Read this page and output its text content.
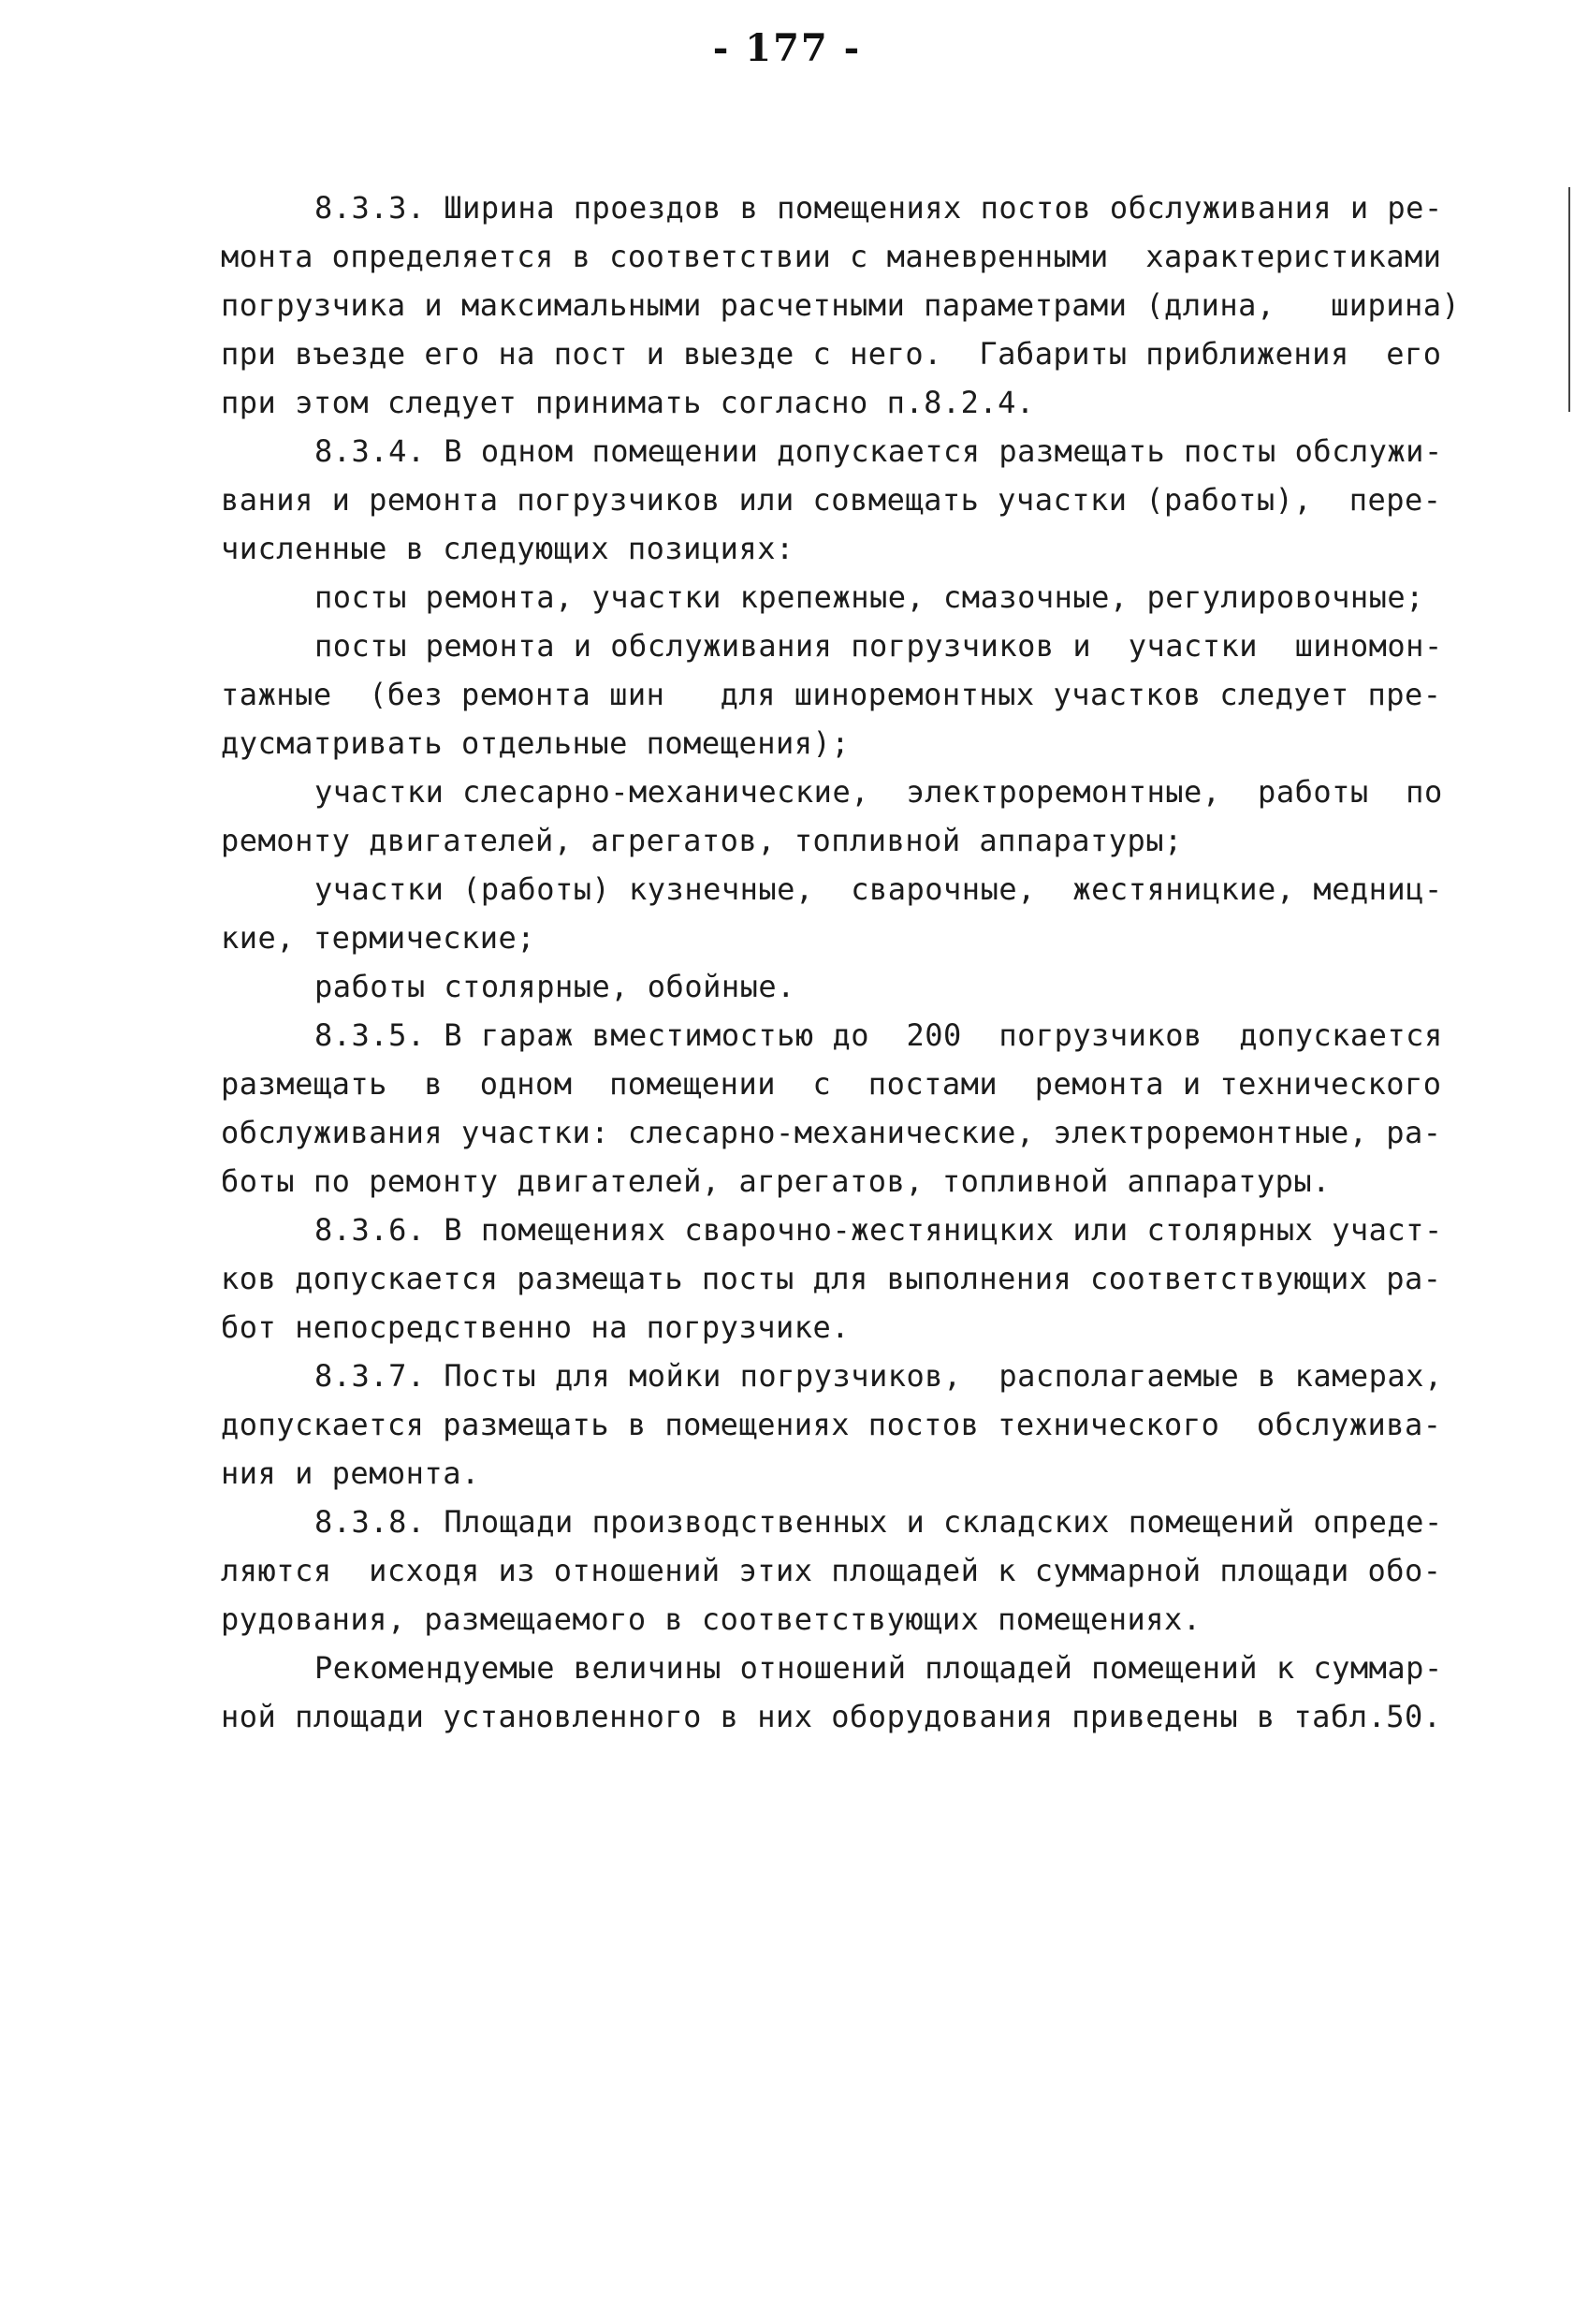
- 177 -
8.3.3. Ширина проездов в помещениях постов обслуживания и ре-
монта определяется в соответствии с маневренными  характеристиками
погрузчика и максимальными расчетными параметрами (длина,   ширина)
при въезде его на пост и выезде с него.  Габариты приближения  его
при этом следует принимать согласно п.8.2.4.
8.3.4. В одном помещении допускается размещать посты обслужи-
вания и ремонта погрузчиков или совмещать участки (работы),  пере-
численные в следующих позициях:
посты ремонта, участки крепежные, смазочные, регулировочные;
посты ремонта и обслуживания погрузчиков и  участки  шиномон-
тажные  (без ремонта шин   для шиноремонтных участков следует пре-
дусматривать отдельные помещения);
участки слесарно-механические,  электроремонтные,  работы  по
ремонту двигателей, агрегатов, топливной аппаратуры;
участки (работы) кузнечные,  сварочные,  жестяницкие, медниц-
кие, термические;
работы столярные, обойные.
8.3.5. В гараж вместимостью до  200  погрузчиков  допускается
размещать  в  одном  помещении  с  постами  ремонта и технического
обслуживания участки: слесарно-механические, электроремонтные, ра-
боты по ремонту двигателей, агрегатов, топливной аппаратуры.
8.3.6. В помещениях сварочно-жестяницких или столярных участ-
ков допускается размещать посты для выполнения соответствующих ра-
бот непосредственно на погрузчике.
8.3.7. Посты для мойки погрузчиков,  располагаемые в камерах,
допускается размещать в помещениях постов технического  обслужива-
ния и ремонта.
8.3.8. Площади производственных и складских помещений опреде-
ляются  исходя из отношений этих площадей к суммарной площади обо-
рудования, размещаемого в соответствующих помещениях.
Рекомендуемые величины отношений площадей помещений к суммар-
ной площади установленного в них оборудования приведены в табл.50.
